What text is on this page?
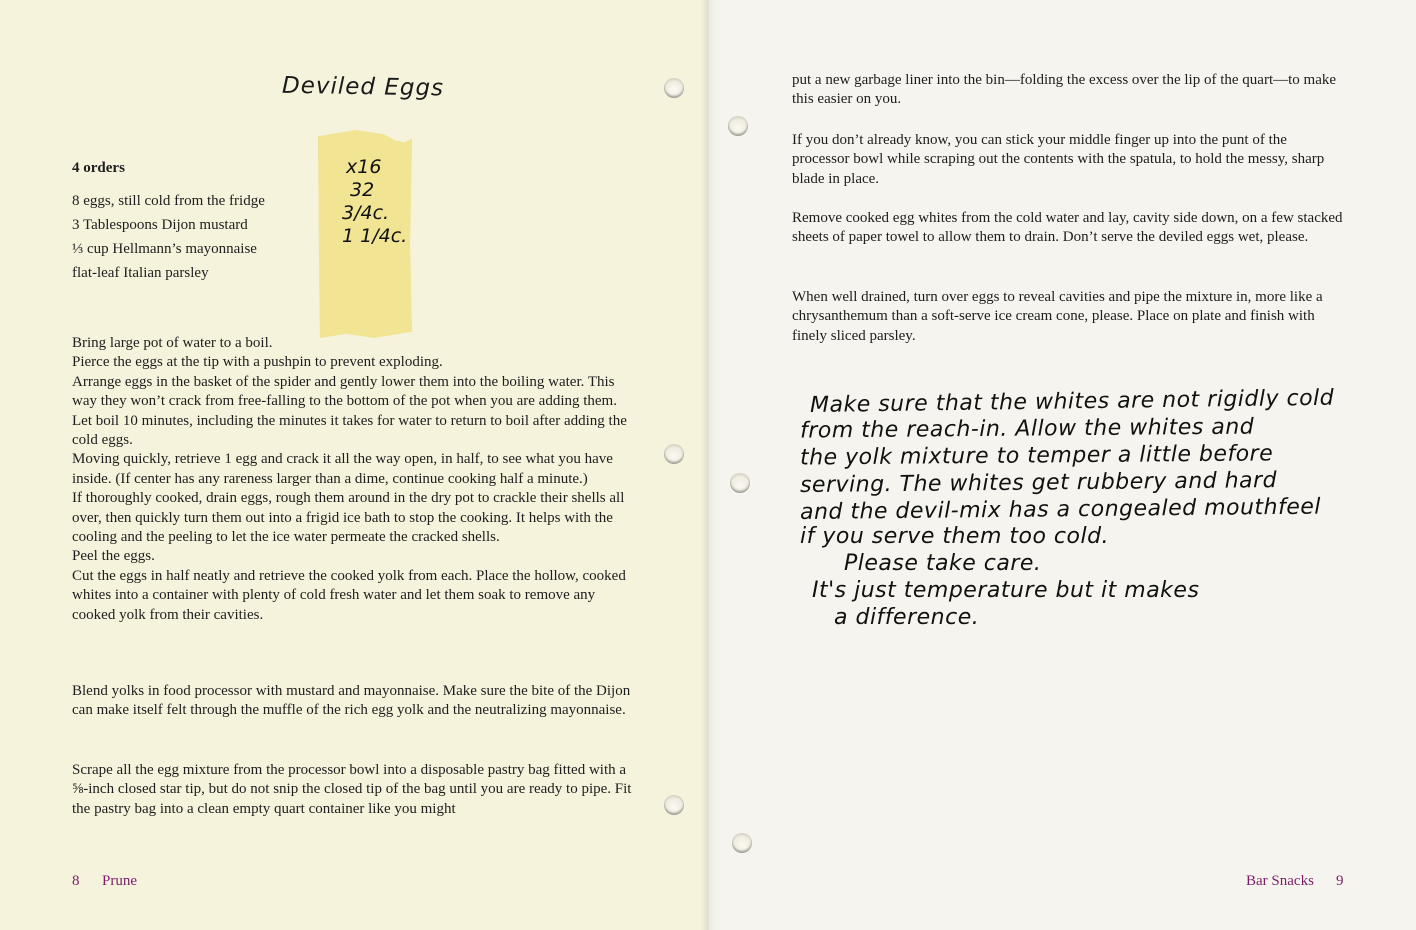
Deviled Eggs
x16
32
3/4c.
1 1/4c.
4 orders
8 eggs, still cold from the fridge
3 Tablespoons Dijon mustard
⅓ cup Hellmann’s mayonnaise
flat-leaf Italian parsley

Bring large pot of water to a boil.

Pierce the eggs at the tip with a pushpin to prevent exploding.

Arrange eggs in the basket of the spider and gently lower them into the boiling water. This way they won’t crack from free-falling to the bottom of the pot when you are adding them.

Let boil 10 minutes, including the minutes it takes for water to return to boil after adding the cold eggs.

Moving quickly, retrieve 1 egg and crack it all the way open, in half, to see what you have inside. (If center has any rareness larger than a dime, continue cooking half a minute.)

If thoroughly cooked, drain eggs, rough them around in the dry pot to crackle their shells all over, then quickly turn them out into a frigid ice bath to stop the cooking. It helps with the cooling and the peeling to let the ice water permeate the cracked shells.

Peel the eggs.

Cut the eggs in half neatly and retrieve the cooked yolk from each. Place the hollow, cooked whites into a container with plenty of cold fresh water and let them soak to remove any cooked yolk from their cavities.

Blend yolks in food processor with mustard and mayonnaise. Make sure the bite of the Dijon can make itself felt through the muffle of the rich egg yolk and the neutralizing mayonnaise.

Scrape all the egg mixture from the processor bowl into a disposable pastry bag fitted with a ⅝-inch closed star tip, but do not snip the closed tip of the bag until you are ready to pipe. Fit the pastry bag into a clean empty quart container like you might

8 Prune

put a new garbage liner into the bin—folding the excess over the lip of the quart—to make this easier on you.

If you don’t already know, you can stick your middle finger up into the punt of the processor bowl while scraping out the contents with the spatula, to hold the messy, sharp blade in place.

Remove cooked egg whites from the cold water and lay, cavity side down, on a few stacked sheets of paper towel to allow them to drain. Don’t serve the deviled eggs wet, please.

When well drained, turn over eggs to reveal cavities and pipe the mixture in, more like a chrysanthemum than a soft-serve ice cream cone, please. Place on plate and finish with finely sliced parsley.

Bar Snacks 9
Make sure that the whites are not rigidly cold
from the reach-in. Allow the whites and
the yolk mixture to temper a little before
serving. The whites get rubbery and hard
and the devil-mix has a congealed mouthfeel
if you serve them too cold.
Please take care.
It's just temperature but it makes
a difference.
